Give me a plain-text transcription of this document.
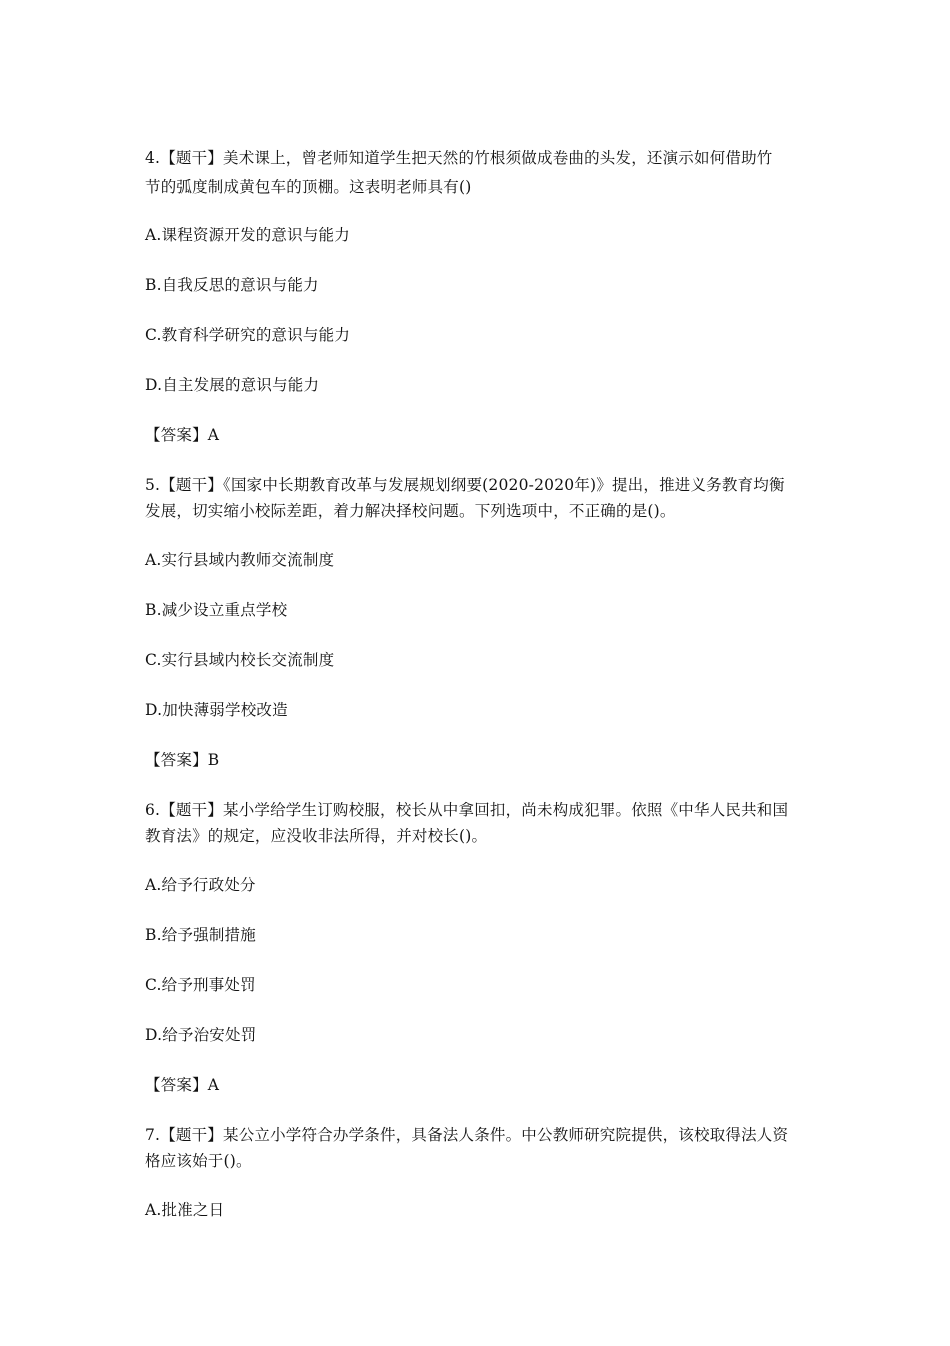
4.【题干】美术课上，曾老师知道学生把天然的竹根须做成卷曲的头发，还演示如何借助竹
节的弧度制成黄包车的顶棚。这表明老师具有()
A.课程资源开发的意识与能力
B.自我反思的意识与能力
C.教育科学研究的意识与能力
D.自主发展的意识与能力
【答案】A
5.【题干】《国家中长期教育改革与发展规划纲要(2020-2020年)》提出，推进义务教育均衡
发展，切实缩小校际差距，着力解决择校问题。下列选项中，不正确的是()。
A.实行县域内教师交流制度
B.减少设立重点学校
C.实行县域内校长交流制度
D.加快薄弱学校改造
【答案】B
6.【题干】某小学给学生订购校服，校长从中拿回扣，尚未构成犯罪。依照《中华人民共和国
教育法》的规定，应没收非法所得，并对校长()。
A.给予行政处分
B.给予强制措施
C.给予刑事处罚
D.给予治安处罚
【答案】A
7.【题干】某公立小学符合办学条件，具备法人条件。中公教师研究院提供，该校取得法人资
格应该始于()。
A.批准之日
